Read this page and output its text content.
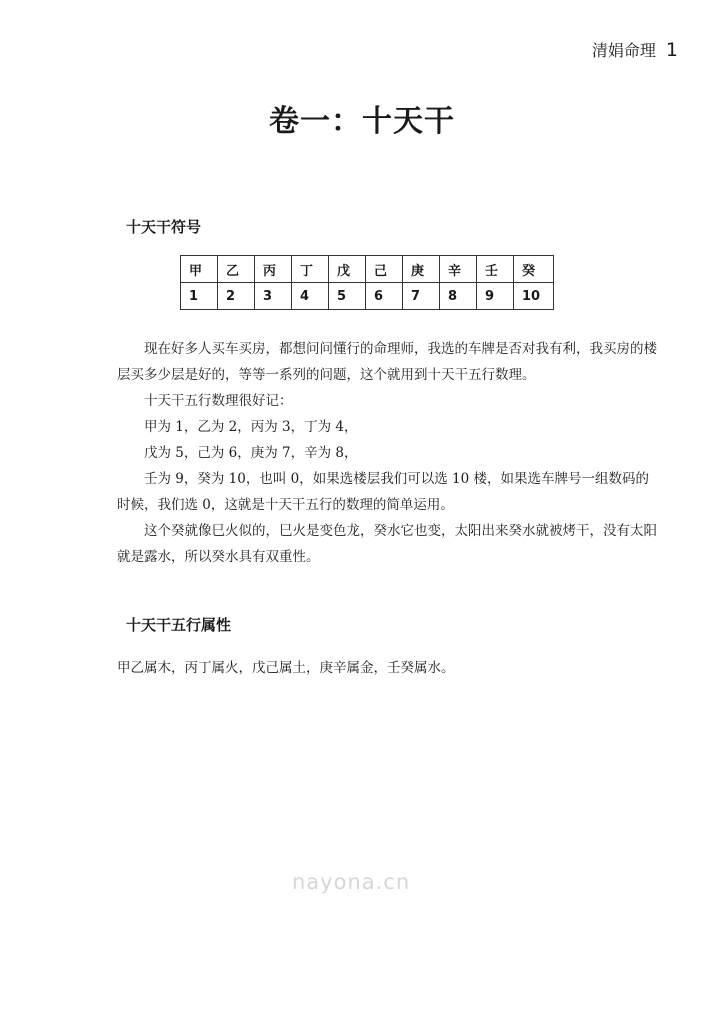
清娟命理 1
卷一：十天干
十天干符号
甲	乙	丙	丁	戊	己	庚	辛	壬	癸
1	2	3	4	5	6	7	8	9	10

现在好多人买车买房，都想问问懂行的命理师，我选的车牌是否对我有利，我买房的楼层买多少层是好的，等等一系列的问题，这个就用到十天干五行数理。

十天干五行数理很好记：

甲为 1，乙为 2，丙为 3，丁为 4，

戊为 5，己为 6，庚为 7，辛为 8，

壬为 9，癸为 10，也叫 0，如果选楼层我们可以选 10 楼，如果选车牌号一组数码的时候，我们选 0，这就是十天干五行的数理的简单运用。

这个癸就像巳火似的，巳火是变色龙，癸水它也变，太阳出来癸水就被烤干，没有太阳就是露水，所以癸水具有双重性。

十天干五行属性

甲乙属木，丙丁属火，戊己属土，庚辛属金，壬癸属水。

nayona.cn
